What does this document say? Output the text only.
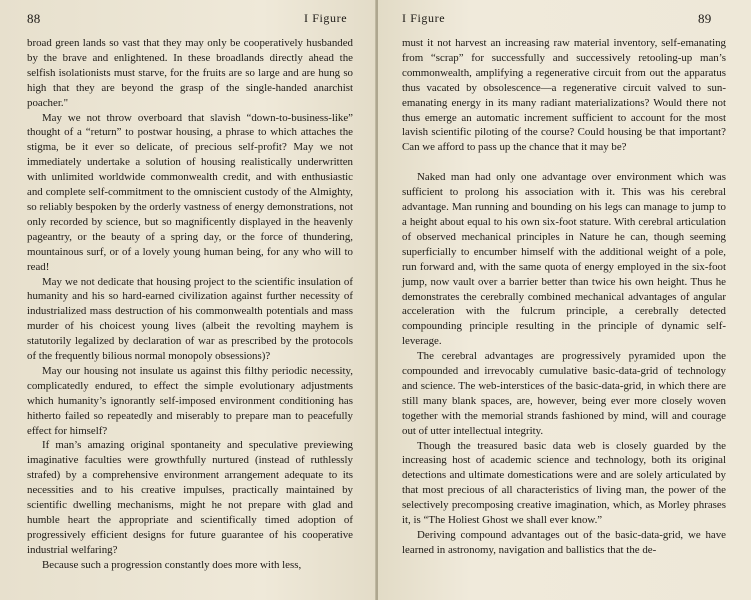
88	I Figure

broad green lands so vast that they may only be cooperatively husbanded by the brave and enlightened. In these broadlands directly ahead the selfish isolationists must starve, for the fruits are so large and are hung so high that they are beyond the grasp of the single-handed anarchist poacher."

May we not throw overboard that slavish “down-to-business-like” thought of a “return” to postwar housing, a phrase to which attaches the stigma, be it ever so delicate, of precious self-profit? May we not immediately undertake a solution of housing realistically underwritten with unlimited worldwide commonwealth credit, and with enthusiastic and complete self-commitment to the omniscient custody of the Almighty, so reliably bespoken by the orderly vastness of energy demonstrations, not only recorded by science, but so magnificently displayed in the heavenly pageantry, or the beauty of a spring day, or the force of thundering, mountainous surf, or of a lovely young human being, for any who will to read!

May we not dedicate that housing project to the scientific insulation of humanity and his so hard-earned civilization against further necessity of industrialized mass destruction of his commonwealth potentials and mass murder of his choicest young lives (albeit the revolting mayhem is statutorily legalized by declaration of war as prescribed by the protocols of the frequently bilious normal monopoly obsessions)?

May our housing not insulate us against this filthy periodic necessity, complicatedly endured, to effect the simple evolutionary adjustments which humanity’s ignorantly self-imposed environment conditioning has hitherto failed so repeatedly and miserably to prepare man to peacefully effect for himself?

If man’s amazing original spontaneity and speculative previewing imaginative faculties were growthfully nurtured (instead of ruthlessly strafed) by a comprehensive environment arrangement adequate to its necessities and to his creative impulses, practically maintained by scientific dwelling mechanisms, might he not prepare with glad and humble heart the appropriate and scientifically timed adoption of progressively efficient designs for future guarantee of his cooperative industrial welfaring?

Because such a progression constantly does more with less,

I Figure	89

must it not harvest an increasing raw material inventory, self-emanating from “scrap” for successfully and successively retooling-up man’s commonwealth, amplifying a regenerative circuit from out the apparatus thus vacated by obsolescence—a regenerative circuit valved to sun-emanating energy in its many radiant materializations? Would there not thus emerge an automatic increment sufficient to account for the most lavish scientific piloting of the course? Could housing be that important? Can we afford to pass up the chance that it may be?

Naked man had only one advantage over environment which was sufficient to prolong his association with it. This was his cerebral advantage. Man running and bounding on his legs can manage to jump to a height about equal to his own six-foot stature. With cerebral articulation of observed mechanical principles in Nature he can, though seeming superficially to encumber himself with the additional weight of a pole, run forward and, with the same quota of energy employed in the six-foot jump, now vault over a barrier better than twice his own height. Thus he demonstrates the cerebrally combined mechanical advantages of angular acceleration with the fulcrum principle, a cerebrally detected compounding principle resulting in the principle of dynamic self-leverage.

The cerebral advantages are progressively pyramided upon the compounded and irrevocably cumulative basic-data-grid of technology and science. The web-interstices of the basic-data-grid, in which there are still many blank spaces, are, however, being ever more closely woven together with the memorial strands fashioned by mind, will and courage out of utter intellectual integrity.

Though the treasured basic data web is closely guarded by the increasing host of academic science and technology, both its original detections and ultimate domestications were and are solely articulated by that most precious of all characteristics of living man, the power of the selectively precomposing creative imagination, which, as Morley phrases it, is “The Holiest Ghost we shall ever know.”

Deriving compound advantages out of the basic-data-grid, we have learned in astronomy, navigation and ballistics that the de-
